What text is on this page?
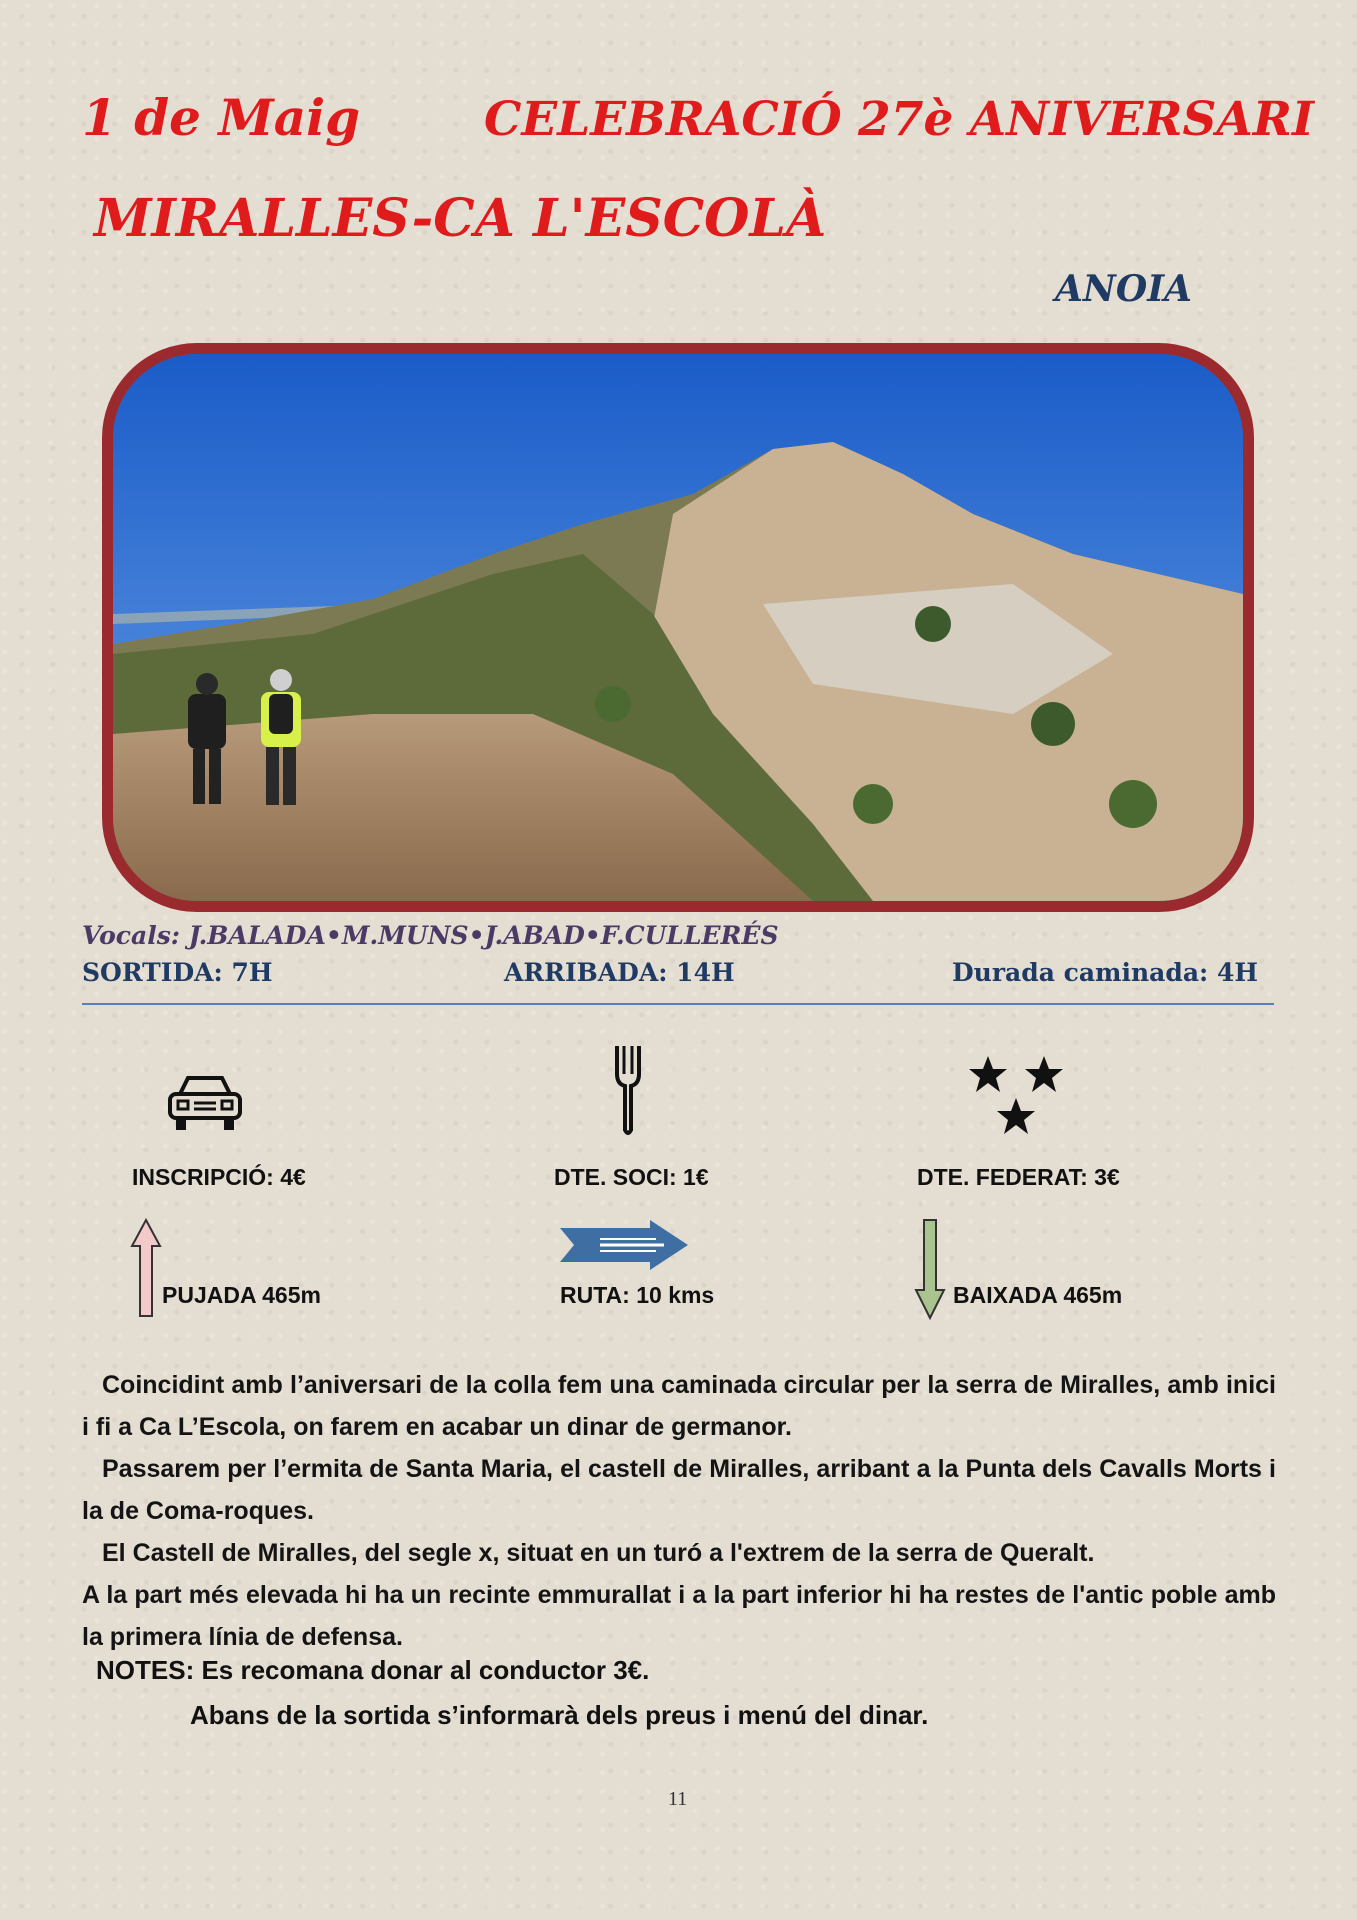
1 de Maig	CELEBRACIÓ 27è ANIVERSARI
MIRALLES-CA L'ESCOLÀ
ANOIA
Vocals: J.BALADA•M.MUNS•J.ABAD•F.CULLERÉS
SORTIDA: 7H	ARRIBADA: 14H	Durada caminada: 4H
INSCRIPCIÓ: 4€	DTE. SOCI: 1€	DTE. FEDERAT: 3€
PUJADA 465m	RUTA: 10 kms	BAIXADA 465m

Coincidint amb l’aniversari de la colla fem una caminada circular per la serra de Miralles, amb inici i fi a Ca L’Escola, on farem en acabar un dinar de germanor.

Passarem per l’ermita de Santa Maria, el castell de Miralles, arribant a la Punta dels Cavalls Morts i la de Coma-roques.

El Castell de Miralles, del segle x, situat en un turó a l'extrem de la serra de Queralt.

A la part més elevada hi ha un recinte emmurallat i a la part inferior hi ha restes de l'antic poble amb la primera línia de defensa.

NOTES: Es recomana donar al conductor 3€.
Abans de la sortida s’informarà dels preus i menú del dinar.
11
